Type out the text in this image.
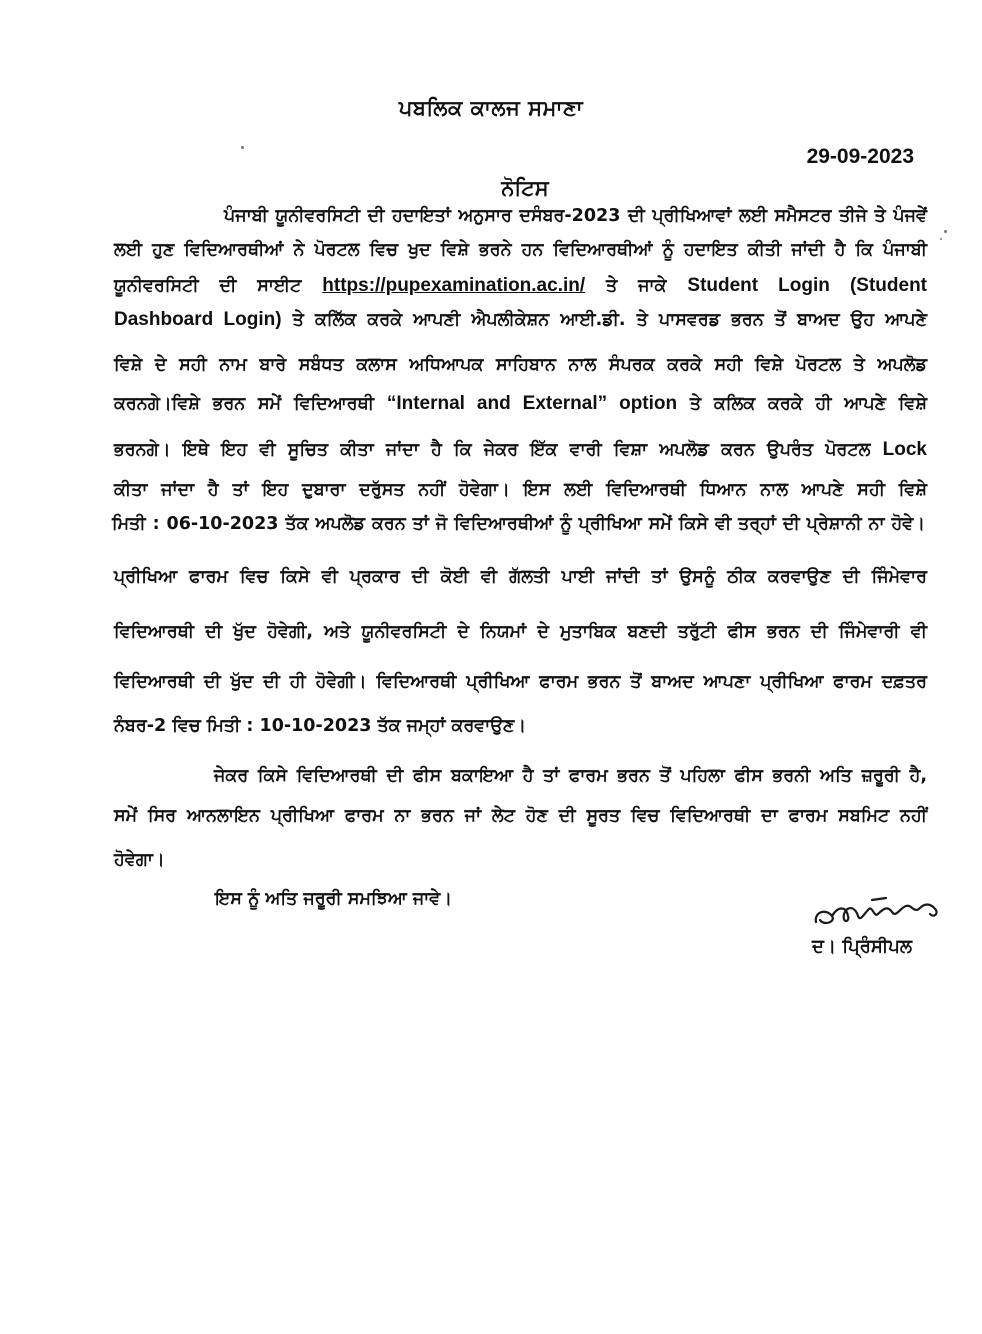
ਪਬਲਿਕ ਕਾਲਜ ਸਮਾਣਾ
29-09-2023
ਨੋਟਿਸ
ਪੰਜਾਬੀ ਯੂਨੀਵਰਸਿਟੀ ਦੀ ਹਦਾਇਤਾਂ ਅਨੁਸਾਰ ਦਸੰਬਰ-2023 ਦੀ ਪ੍ਰੀਖਿਆਵਾਂ ਲਈ ਸਮੈਸਟਰ ਤੀਜੇ ਤੇ ਪੰਜਵੇਂ
ਲਈ ਹੁਣ ਵਿਦਿਆਰਥੀਆਂ ਨੇ ਪੋਰਟਲ ਵਿਚ ਖੁਦ ਵਿਸ਼ੇ ਭਰਨੇ ਹਨ ਵਿਦਿਆਰਥੀਆਂ ਨੂੰ ਹਦਾਇਤ ਕੀਤੀ ਜਾਂਦੀ ਹੈ ਕਿ ਪੰਜਾਬੀ
ਯੂਨੀਵਰਸਿਟੀ ਦੀ ਸਾਈਟ https://pupexamination.ac.in/ ਤੇ ਜਾਕੇ Student Login (Student
Dashboard Login) ਤੇ ਕਲਿੱਕ ਕਰਕੇ ਆਪਣੀ ਐਪਲੀਕੇਸ਼ਨ ਆਈ.ਡੀ. ਤੇ ਪਾਸਵਰਡ ਭਰਨ ਤੋਂ ਬਾਅਦ ਉਹ ਆਪਣੇ
ਵਿਸ਼ੇ ਦੇ ਸਹੀ ਨਾਮ ਬਾਰੇ ਸਬੰਧਤ ਕਲਾਸ ਅਧਿਆਪਕ ਸਾਹਿਬਾਨ ਨਾਲ ਸੰਪਰਕ ਕਰਕੇ ਸਹੀ ਵਿਸ਼ੇ ਪੋਰਟਲ ਤੇ ਅਪਲੋਡ
ਕਰਨਗੇ।ਵਿਸ਼ੇ ਭਰਨ ਸਮੇਂ ਵਿਦਿਆਰਥੀ “Internal and External” option ਤੇ ਕਲਿਕ ਕਰਕੇ ਹੀ ਆਪਣੇ ਵਿਸ਼ੇ
ਭਰਨਗੇ। ਇਥੇ ਇਹ ਵੀ ਸੂਚਿਤ ਕੀਤਾ ਜਾਂਦਾ ਹੈ ਕਿ ਜੇਕਰ ਇੱਕ ਵਾਰੀ ਵਿਸ਼ਾ ਅਪਲੋਡ ਕਰਨ ਉਪਰੰਤ ਪੋਰਟਲ Lock
ਕੀਤਾ ਜਾਂਦਾ ਹੈ ਤਾਂ ਇਹ ਦੁਬਾਰਾ ਦਰੁੱਸਤ ਨਹੀਂ ਹੋਵੇਗਾ। ਇਸ ਲਈ ਵਿਦਿਆਰਥੀ ਧਿਆਨ ਨਾਲ ਆਪਣੇ ਸਹੀ ਵਿਸ਼ੇ
ਮਿਤੀ : 06-10-2023 ਤੱਕ ਅਪਲੋਡ ਕਰਨ ਤਾਂ ਜੋ ਵਿਦਿਆਰਥੀਆਂ ਨੂੰ ਪ੍ਰੀਖਿਆ ਸਮੇਂ ਕਿਸੇ ਵੀ ਤਰ੍ਹਾਂ ਦੀ ਪ੍ਰੇਸ਼ਾਨੀ ਨਾ ਹੋਵੇ।
ਪ੍ਰੀਖਿਆ ਫਾਰਮ ਵਿਚ ਕਿਸੇ ਵੀ ਪ੍ਰਕਾਰ ਦੀ ਕੋਈ ਵੀ ਗੱਲਤੀ ਪਾਈ ਜਾਂਦੀ ਤਾਂ ਉਸਨੂੰ ਠੀਕ ਕਰਵਾਉਣ ਦੀ ਜਿੰਮੇਵਾਰ
ਵਿਦਿਆਰਥੀ ਦੀ ਖੁੱਦ ਹੋਵੇਗੀ, ਅਤੇ ਯੂਨੀਵਰਸਿਟੀ ਦੇ ਨਿਯਮਾਂ ਦੇ ਮੁਤਾਬਿਕ ਬਣਦੀ ਤਰੁੱਟੀ ਫੀਸ ਭਰਨ ਦੀ ਜਿੰਮੇਵਾਰੀ ਵੀ
ਵਿਦਿਆਰਥੀ ਦੀ ਖੁੱਦ ਦੀ ਹੀ ਹੋਵੇਗੀ। ਵਿਦਿਆਰਥੀ ਪ੍ਰੀਖਿਆ ਫਾਰਮ ਭਰਨ ਤੋਂ ਬਾਅਦ ਆਪਣਾ ਪ੍ਰੀਖਿਆ ਫਾਰਮ ਦਫ਼ਤਰ
ਨੰਬਰ-2 ਵਿਚ ਮਿਤੀ : 10-10-2023 ਤੱਕ ਜਮ੍ਹਾਂ ਕਰਵਾਉਣ।
ਜੇਕਰ ਕਿਸੇ ਵਿਦਿਆਰਥੀ ਦੀ ਫੀਸ ਬਕਾਇਆ ਹੈ ਤਾਂ ਫਾਰਮ ਭਰਨ ਤੋਂ ਪਹਿਲਾ ਫੀਸ ਭਰਨੀ ਅਤਿ ਜ਼ਰੂਰੀ ਹੈ,
ਸਮੇਂ ਸਿਰ ਆਨਲਾਇਨ ਪ੍ਰੀਖਿਆ ਫਾਰਮ ਨਾ ਭਰਨ ਜਾਂ ਲੇਟ ਹੋਣ ਦੀ ਸੂਰਤ ਵਿਚ ਵਿਦਿਆਰਥੀ ਦਾ ਫਾਰਮ ਸਬਮਿਟ ਨਹੀਂ
ਹੋਵੇਗਾ।
ਇਸ ਨੂੰ ਅਤਿ ਜਰੂਰੀ ਸਮਝਿਆ ਜਾਵੇ।
ਦ। ਪ੍ਰਿੰਸੀਪਲ
